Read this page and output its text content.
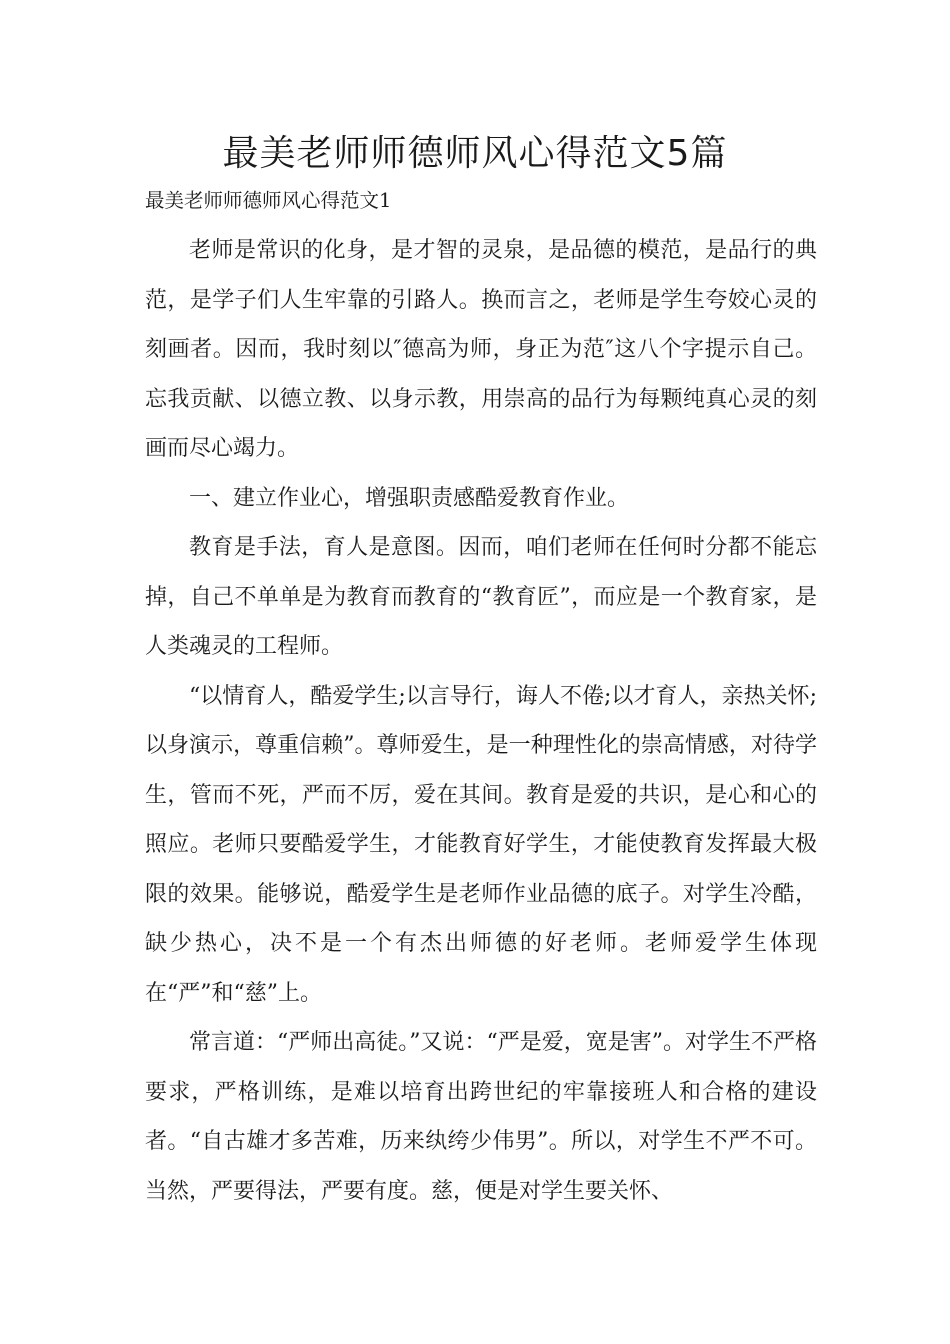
最美老师师德师风心得范文5篇
最美老师师德师风心得范文1

老师是常识的化身，是才智的灵泉，是品德的模范，是品行的典范，是学子们人生牢靠的引路人。换而言之，老师是学生夸姣心灵的刻画者。因而，我时刻以″德高为师，身正为范″这八个字提示自己。忘我贡献、以德立教、以身示教，用崇高的品行为每颗纯真心灵的刻画而尽心竭力。

一、建立作业心，增强职责感酷爱教育作业。

教育是手法，育人是意图。因而，咱们老师在任何时分都不能忘掉，自己不单单是为教育而教育的“教育匠”，而应是一个教育家，是人类魂灵的工程师。

“以情育人，酷爱学生;以言导行，诲人不倦;以才育人，亲热关怀;以身演示，尊重信赖”。尊师爱生，是一种理性化的崇高情感，对待学生，管而不死，严而不厉，爱在其间。教育是爱的共识，是心和心的照应。老师只要酷爱学生，才能教育好学生，才能使教育发挥最大极限的效果。能够说，酷爱学生是老师作业品德的底子。对学生冷酷，缺少热心，决不是一个有杰出师德的好老师。老师爱学生体现在“严”和“慈”上。

常言道：“严师出高徒。”又说：“严是爱，宽是害”。对学生不严格要求，严格训练，是难以培育出跨世纪的牢靠接班人和合格的建设者。“自古雄才多苦难，历来纨绔少伟男”。所以，对学生不严不可。当然，严要得法，严要有度。慈，便是对学生要关怀、
